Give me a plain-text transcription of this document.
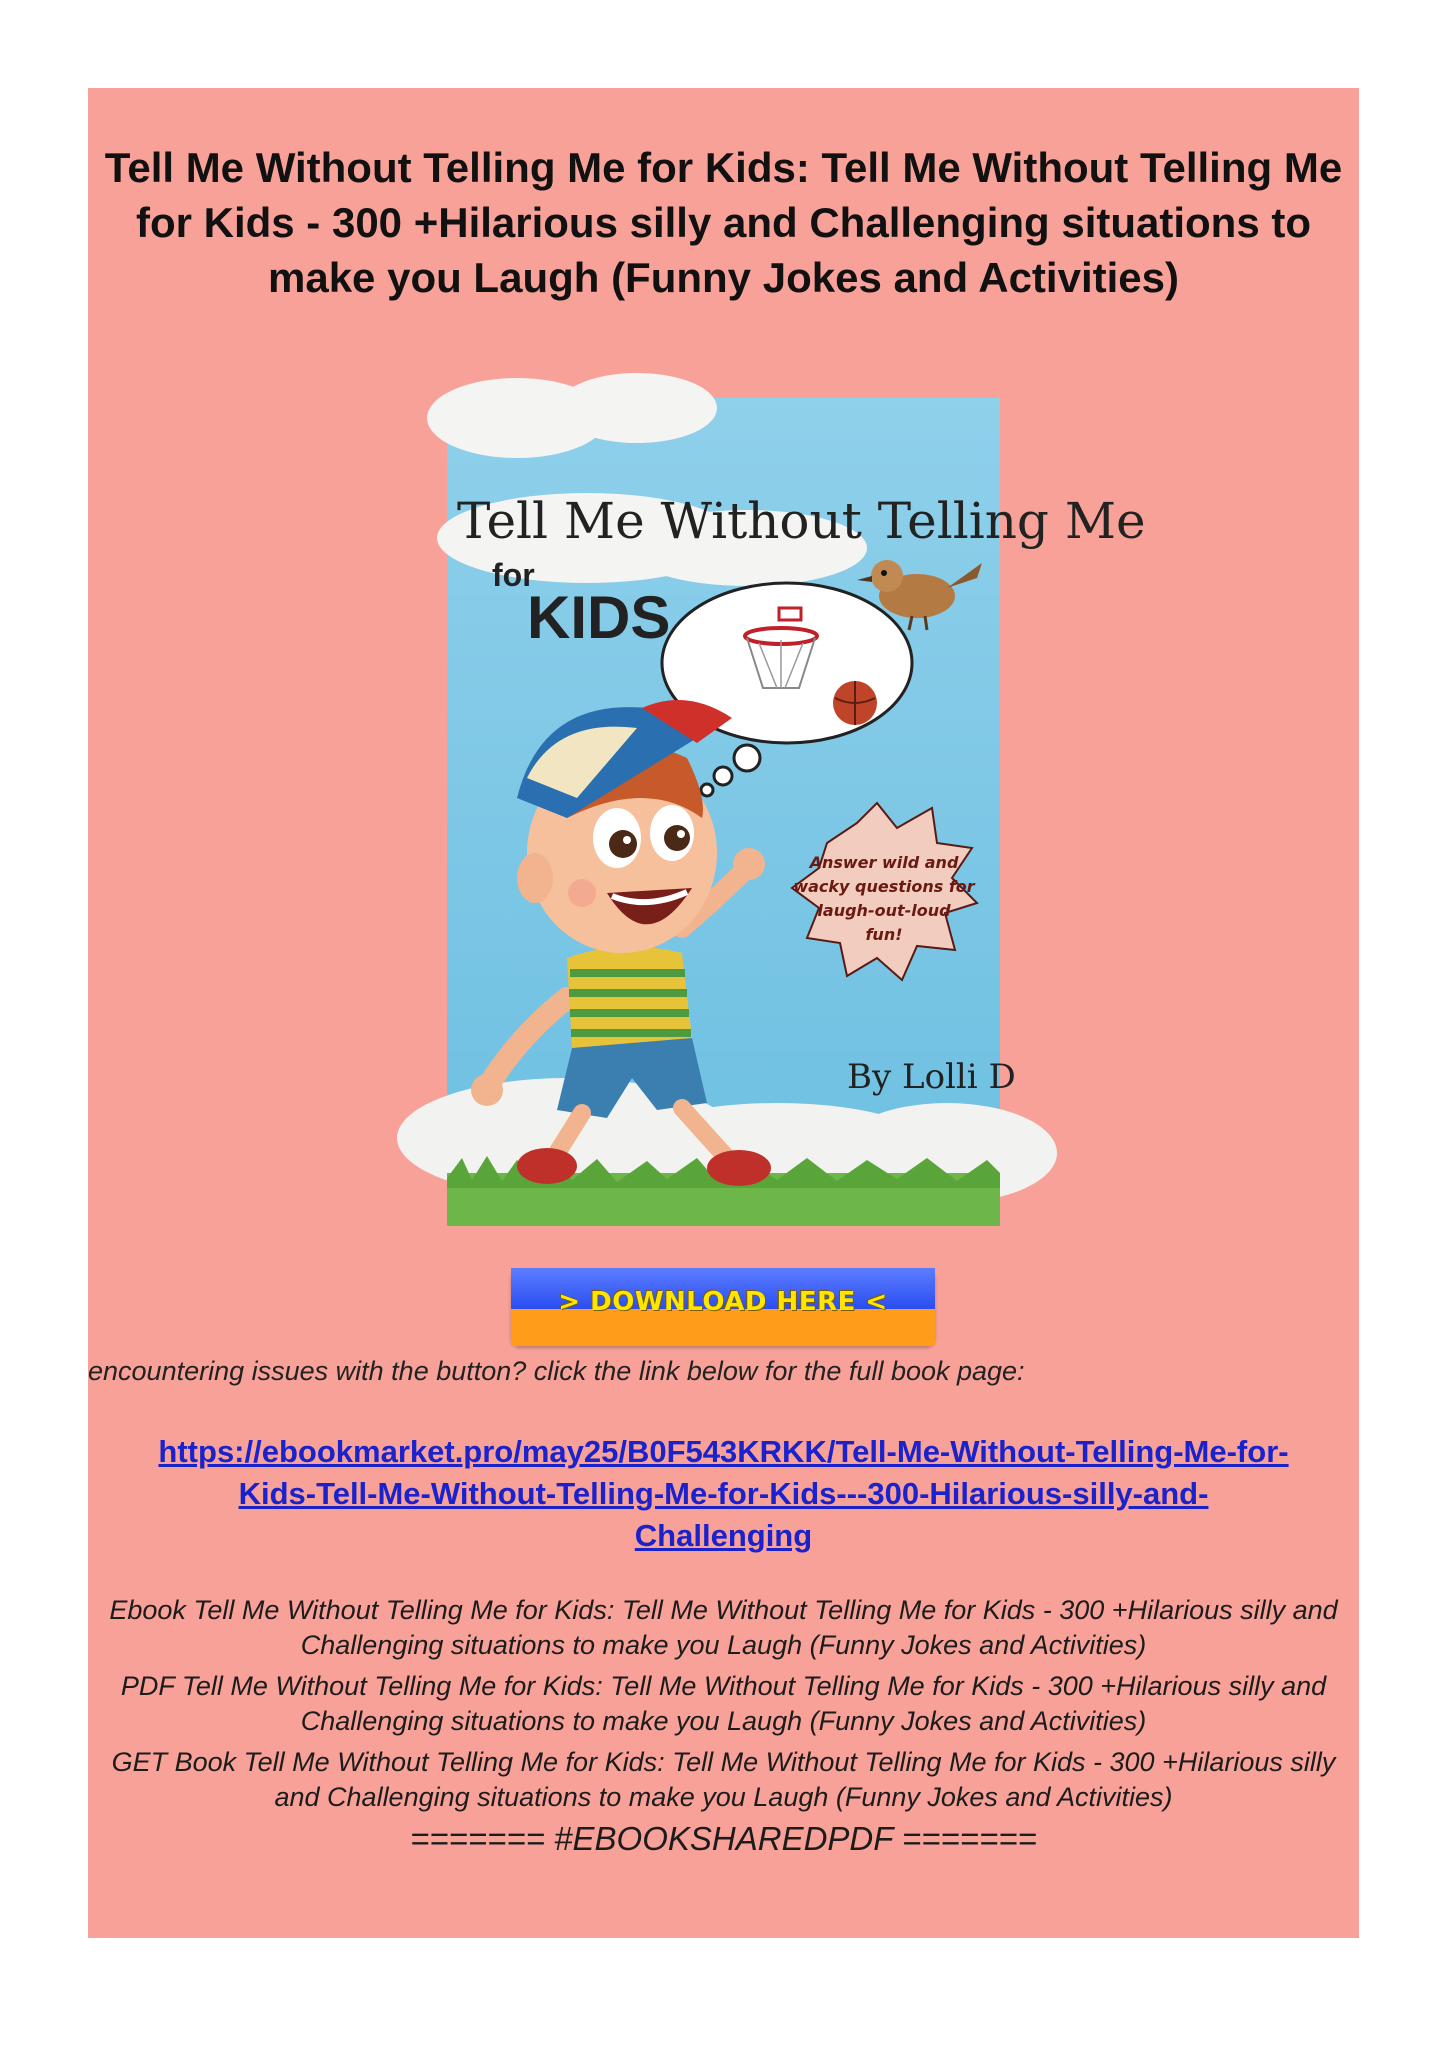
Tell Me Without Telling Me for Kids: Tell Me Without Telling Me for Kids - 300 +Hilarious silly and Challenging situations to make you Laugh (Funny Jokes and Activities)
Tell Me Without Telling Me
for
KIDS
Answer wild and
wacky questions for
laugh-out-loud
fun!
By Lolli D
> DOWNLOAD HERE <
encountering issues with the button? click the link below for the full book page:
https://ebookmarket.pro/may25/B0F543KRKK/Tell-Me-Without-Telling-Me-for-
Kids-Tell-Me-Without-Telling-Me-for-Kids---300-Hilarious-silly-and-
Challenging

Ebook Tell Me Without Telling Me for Kids: Tell Me Without Telling Me for Kids - 300 +Hilarious silly and Challenging situations to make you Laugh (Funny Jokes and Activities)

PDF Tell Me Without Telling Me for Kids: Tell Me Without Telling Me for Kids - 300 +Hilarious silly and Challenging situations to make you Laugh (Funny Jokes and Activities)

GET Book Tell Me Without Telling Me for Kids: Tell Me Without Telling Me for Kids - 300 +Hilarious silly and Challenging situations to make you Laugh (Funny Jokes and Activities)

======= #EBOOKSHAREDPDF =======
